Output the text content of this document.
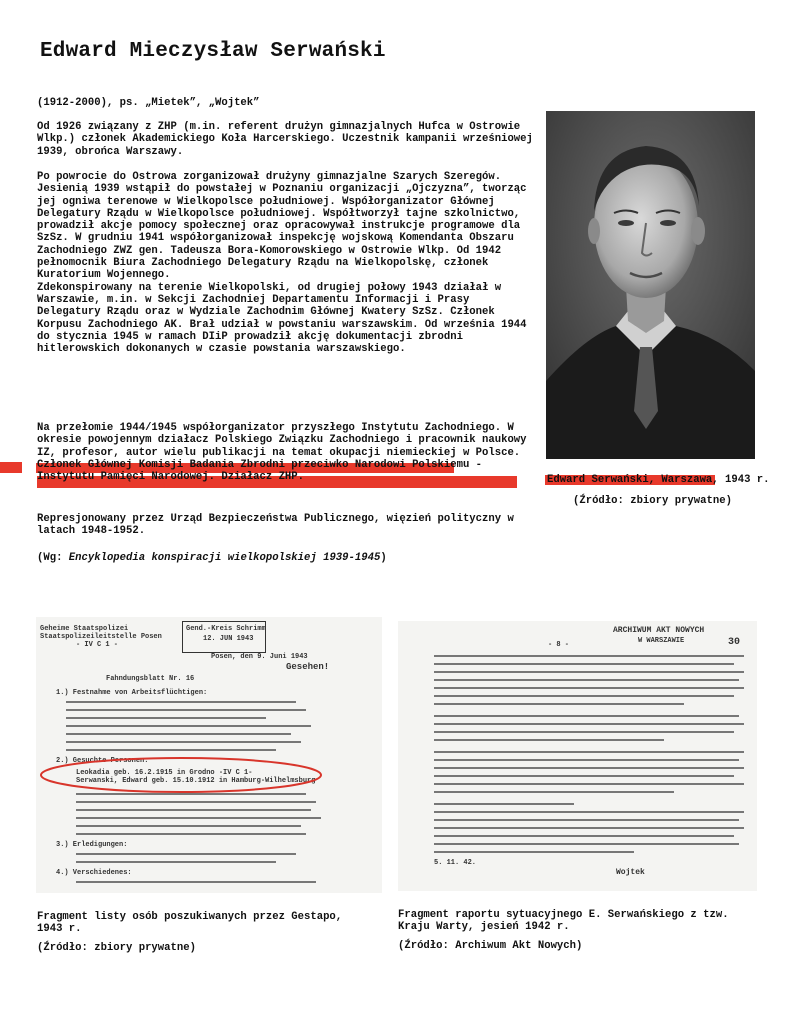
Edward Mieczysław Serwański

(1912-2000), ps. „Mietek”, „Wojtek”

Od 1926 związany z ZHP (m.in. referent drużyn gimnazjalnych Hufca w Ostrowie Wlkp.) członek Akademickiego Koła Harcerskiego. Uczestnik kampanii wrześniowej 1939, obrońca Warszawy.

Po powrocie do Ostrowa zorganizował drużyny gimnazjalne Szarych Szeregów. Jesienią 1939 wstąpił do powstałej w Poznaniu organizacji „Ojczyzna”, tworząc jej ogniwa terenowe w Wielkopolsce południowej. Współorganizator Głównej Delegatury Rządu w Wielkopolsce południowej. Współtworzył tajne szkolnictwo, prowadził akcje pomocy społecznej oraz opracowywał instrukcje programowe dla SzSz. W grudniu 1941 współorganizował inspekcję wojskową Komendanta Obszaru Zachodniego ZWZ gen. Tadeusza Bora-Komorowskiego w Ostrowie Wlkp. Od 1942 pełnomocnik Biura Zachodniego Delegatury Rządu na Wielkopolskę, członek Kuratorium Wojennego.
Zdekonspirowany na terenie Wielkopolski, od drugiej połowy 1943 działał w Warszawie, m.in. w Sekcji Zachodniej Departamentu Informacji i Prasy Delegatury Rządu oraz w Wydziale Zachodnim Głównej Kwatery SzSz. Członek Korpusu Zachodniego AK. Brał udział w powstaniu warszawskim. Od września 1944 do stycznia 1945 w ramach DIiP prowadził akcję dokumentacji zbrodni hitlerowskich dokonanych w czasie powstania warszawskiego.

Na przełomie 1944/1945 współorganizator przyszłego Instytutu Zachodniego. W okresie powojennym działacz Polskiego Związku Zachodniego i pracownik naukowy IZ, profesor, autor wielu publikacji na temat okupacji niemieckiej w Polsce. Członek Głównej Komisji Badania Zbrodni przeciwko Narodowi Polskiemu - Instytutu Pamięci Narodowej. Działacz ZHP.

Represjonowany przez Urząd Bezpieczeństwa Publicznego, więzień polityczny w latach 1948-1952.

(Wg: Encyklopedia konspiracji wielkopolskiej 1939-1945)

Edward Serwański, Warszawa, 1943 r.

(Źródło: zbiory prywatne)

Geheime Staatspolizei
Staatspolizeileitstelle Posen
- IV C 1 -
Gend.-Kreis Schrimm
12. JUN 1943
Posen, den 9. Juni 1943
Gesehen!
Fahndungsblatt Nr. 16
1.) Festnahme von Arbeitsflüchtigen:
2.) Gesuchte Personen:
Leokadia geb. 16.2.1915 in Grodno -IV C 1-
Serwanski, Edward geb. 15.10.1912 in Hamburg-Wilhelmsburg
3.) Erledigungen:
4.) Verschiedenes:
ARCHIWUM AKT NOWYCH
W WARSZAWIE
- 8 -	30
5. 11. 42.
Wojtek

Fragment listy osób poszukiwanych przez Gestapo, 1943 r.

(Źródło: zbiory prywatne)

Fragment raportu sytuacyjnego E. Serwańskiego z tzw. Kraju Warty, jesień 1942 r.

(Źródło: Archiwum Akt Nowych)
